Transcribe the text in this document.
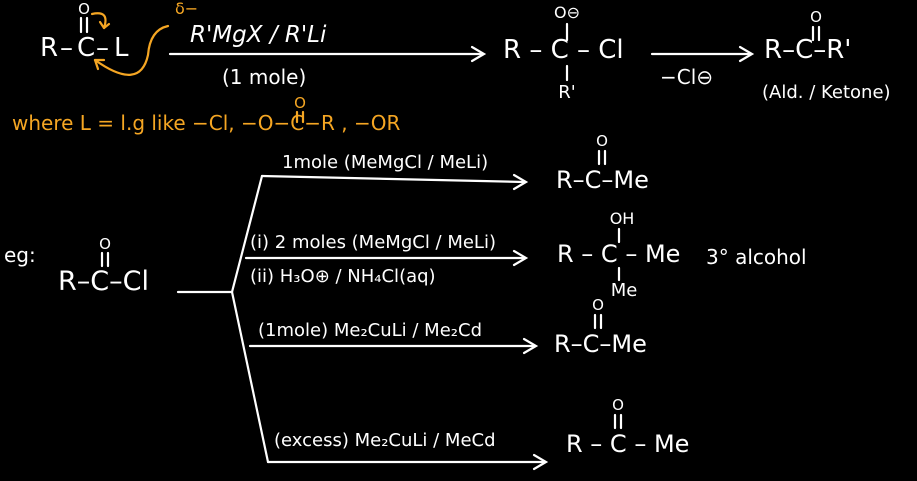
O
R – C – L
δ−
R'MgX / R'Li
(1 mole)
O⊖
R – C – Cl
R'
−Cl⊖
O
R–C–R'
(Ald. / Ketone)
O
where L = l.g like −Cl, −O−C−R , −OR
eg:	O
R–C–Cl
1mole (MeMgCl / MeLi)
O
R–C–Me
(i) 2 moles (MeMgCl / MeLi)
(ii) H₃O⊕ / NH₄Cl(aq)
OH
R – C – Me
Me
3° alcohol
(1mole) Me₂CuLi / Me₂Cd
O
R–C–Me
(excess) Me₂CuLi / MeCd
O
R – C – Me
